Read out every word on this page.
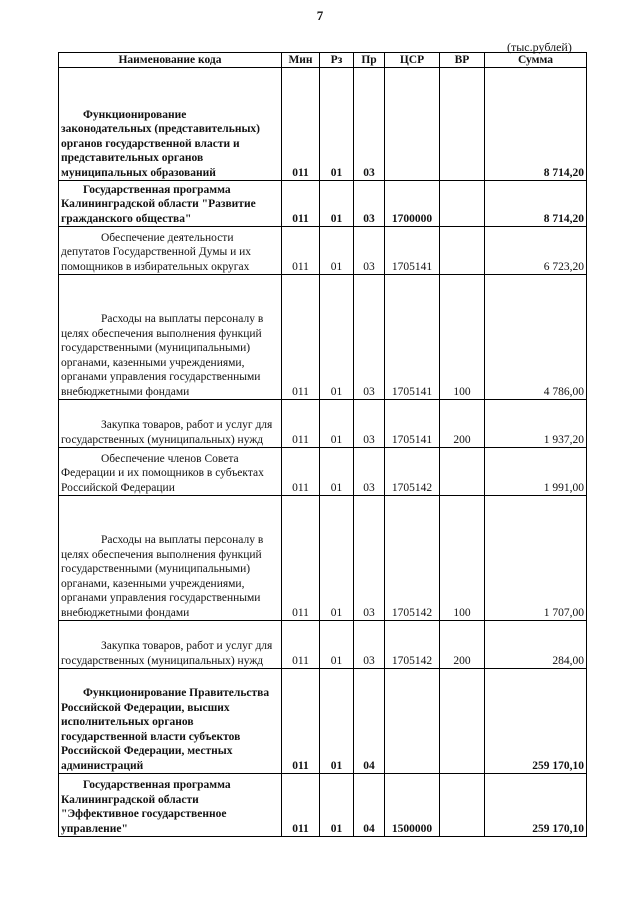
7
(тыс.рублей)
Наименование кода	Мин	Рз	Пр	ЦСР	ВР	Сумма
Функционирование законодательных (представительных) органов государственной власти и представительных органов муниципальных образований	011	01	03			8 714,20
Государственная программа Калининградской области "Развитие гражданского общества"	011	01	03	1700000		8 714,20
Обеспечение деятельности депутатов Государственной Думы и их помощников в избирательных округах	011	01	03	1705141		6 723,20
Расходы на выплаты персоналу в целях обеспечения выполнения функций государственными (муниципальными) органами, казенными учреждениями, органами управления государственными внебюджетными фондами	011	01	03	1705141	100	4 786,00
Закупка товаров, работ и услуг для государственных (муниципальных) нужд	011	01	03	1705141	200	1 937,20
Обеспечение членов Совета Федерации и их помощников в субъектах Российской Федерации	011	01	03	1705142		1 991,00
Расходы на выплаты персоналу в целях обеспечения выполнения функций государственными (муниципальными) органами, казенными учреждениями, органами управления государственными внебюджетными фондами	011	01	03	1705142	100	1 707,00
Закупка товаров, работ и услуг для государственных (муниципальных) нужд	011	01	03	1705142	200	284,00
Функционирование Правительства Российской Федерации, высших исполнительных органов государственной власти субъектов Российской Федерации, местных администраций	011	01	04			259 170,10
Государственная программа Калининградской области "Эффективное государственное управление"	011	01	04	1500000		259 170,10
